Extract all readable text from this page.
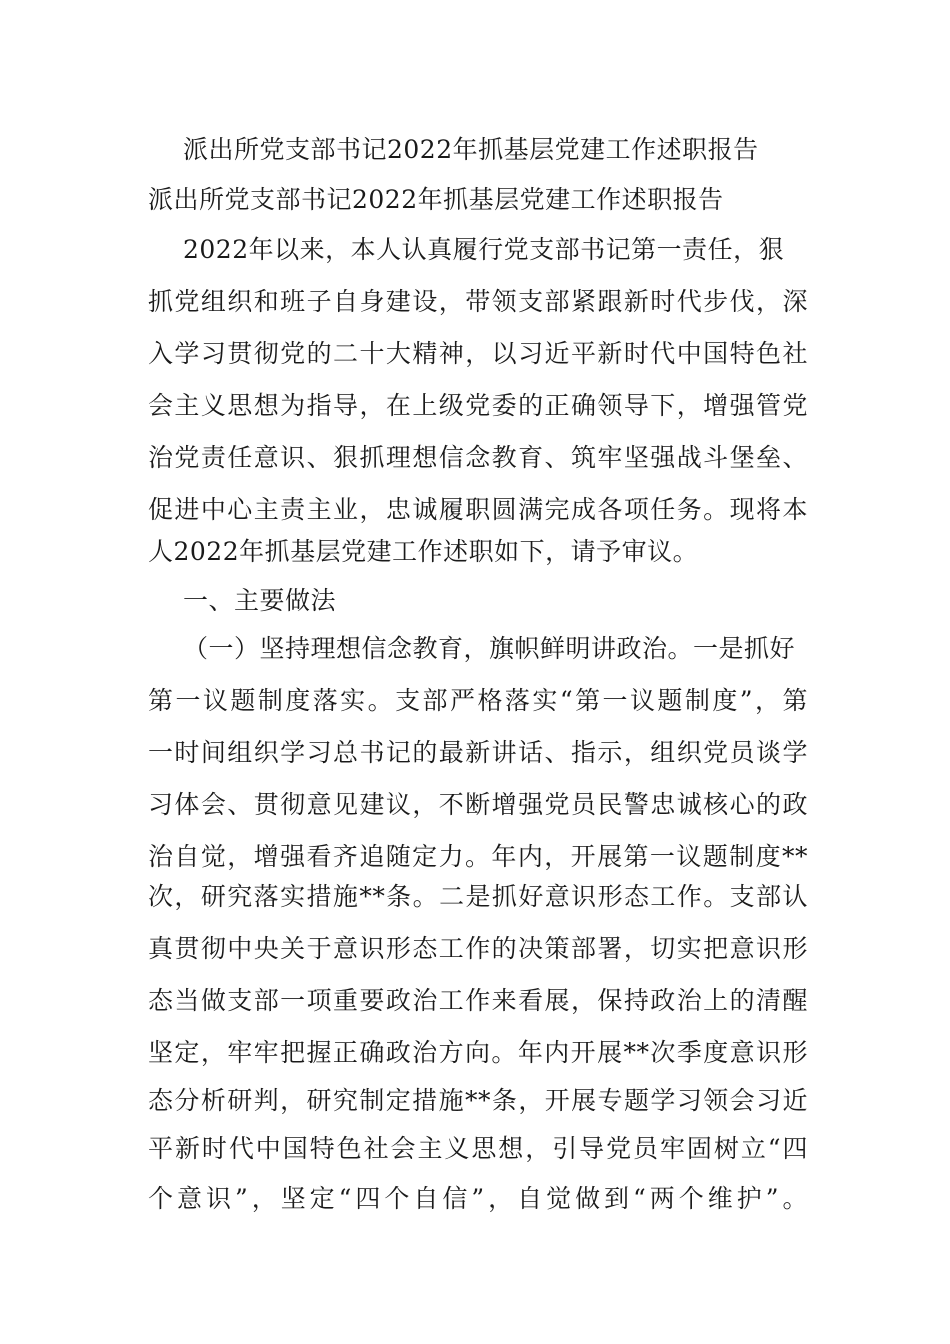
派出所党支部书记2022年抓基层党建工作述职报告
派出所党支部书记2022年抓基层党建工作述职报告
2022年以来，本人认真履行党支部书记第一责任，狠
抓党组织和班子自身建设，带领支部紧跟新时代步伐，深
入学习贯彻党的二十大精神，以习近平新时代中国特色社
会主义思想为指导，在上级党委的正确领导下，增强管党
治党责任意识、狠抓理想信念教育、筑牢坚强战斗堡垒、
促进中心主责主业，忠诚履职圆满完成各项任务。现将本
人2022年抓基层党建工作述职如下，请予审议。
一、主要做法
（一）坚持理想信念教育，旗帜鲜明讲政治。一是抓好
第一议题制度落实。支部严格落实“第一议题制度”，第
一时间组织学习总书记的最新讲话、指示，组织党员谈学
习体会、贯彻意见建议，不断增强党员民警忠诚核心的政
治自觉，增强看齐追随定力。年内，开展第一议题制度**
次，研究落实措施**条。二是抓好意识形态工作。支部认
真贯彻中央关于意识形态工作的决策部署，切实把意识形
态当做支部一项重要政治工作来看展，保持政治上的清醒
坚定，牢牢把握正确政治方向。年内开展**次季度意识形
态分析研判，研究制定措施**条，开展专题学习领会习近
平新时代中国特色社会主义思想，引导党员牢固树立“四
个意识”，坚定“四个自信”，自觉做到“两个维护”。
